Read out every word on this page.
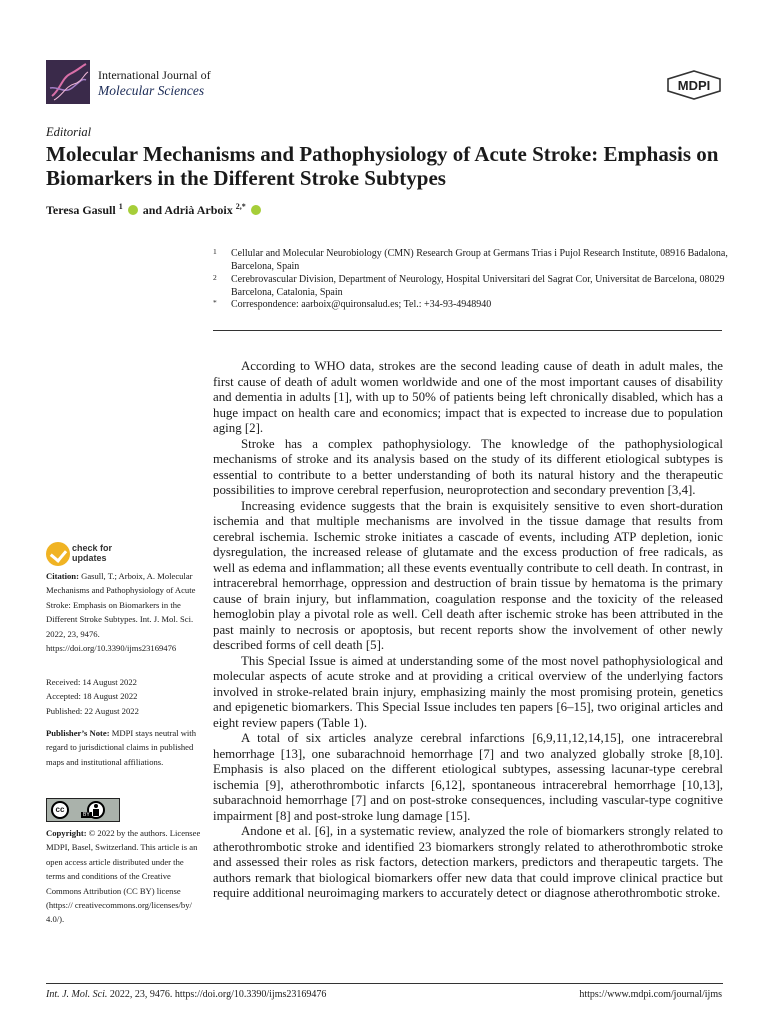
International Journal of
Molecular Sciences	MDPI
Editorial
Molecular Mechanisms and Pathophysiology of Acute Stroke: Emphasis on Biomarkers in the Different Stroke Subtypes
Teresa Gasull $^1$ and Adrià Arboix $^{2,*}$
1 Cellular and Molecular Neurobiology (CMN) Research Group at Germans Trias i Pujol Research Institute, 08916 Badalona, Barcelona, Spain
2 Cerebrovascular Division, Department of Neurology, Hospital Universitari del Sagrat Cor, Universitat de Barcelona, 08029 Barcelona, Catalonia, Spain
* Correspondence: aarboix@quironsalud.es; Tel.: +34-93-4948940

According to WHO data, strokes are the second leading cause of death in adult males, the first cause of death of adult women worldwide and one of the most important causes of disability and dementia in adults [1], with up to 50% of patients being left chronically disabled, which has a huge impact on health care and economics; impact that is expected to increase due to population aging [2].

Stroke has a complex pathophysiology. The knowledge of the pathophysiological mechanisms of stroke and its analysis based on the study of its different etiological subtypes is essential to contribute to a better understanding of both its natural history and the therapeutic possibilities to improve cerebral reperfusion, neuroprotection and secondary prevention [3,4].

Increasing evidence suggests that the brain is exquisitely sensitive to even short-duration ischemia and that multiple mechanisms are involved in the tissue damage that results from cerebral ischemia. Ischemic stroke initiates a cascade of events, including ATP depletion, ionic dysregulation, the increased release of glutamate and the excess production of free radicals, as well as edema and inflammation; all these events eventually contribute to cell death. In contrast, in intracerebral hemorrhage, oppression and destruction of brain tissue by hematoma is the primary cause of brain injury, but inflammation, coagulation response and the toxicity of the released hemoglobin play a pivotal role as well. Cell death after ischemic stroke has been attributed in the past mainly to necrosis or apoptosis, but recent reports show the involvement of other newly described forms of cell death [5].

This Special Issue is aimed at understanding some of the most novel pathophysiological and molecular aspects of acute stroke and at providing a critical overview of the underlying factors involved in stroke-related brain injury, emphasizing mainly the most promising protein, genetics and epigenetic biomarkers. This Special Issue includes ten papers [6–15], two original articles and eight review papers (Table 1).

A total of six articles analyze cerebral infarctions [6,9,11,12,14,15], one intracerebral hemorrhage [13], one subarachnoid hemorrhage [7] and two analyzed globally stroke [8,10]. Emphasis is also placed on the different etiological subtypes, assessing lacunar-type cerebral ischemia [9], atherothrombotic infarcts [6,12], spontaneous intracerebral hemorrhage [10,13], subarachnoid hemorrhage [7] and on post-stroke consequences, including vascular-type cognitive impairment [8] and post-stroke lung damage [15].

Andone et al. [6], in a systematic review, analyzed the role of biomarkers strongly related to atherothrombotic stroke and identified 23 biomarkers strongly related to atherothrombotic stroke and assessed their roles as risk factors, detection markers, predictors and therapeutic targets. The authors remark that biological biomarkers offer new data that could improve clinical practice but require additional neuroimaging markers to accurately detect or diagnose atherothrombotic stroke.

check for
updates
Citation: Gasull, T.; Arboix, A. Molecular Mechanisms and Pathophysiology of Acute Stroke: Emphasis on Biomarkers in the Different Stroke Subtypes. Int. J. Mol. Sci. 2022, 23, 9476. https://doi.org/10.3390/ijms23169476
Received: 14 August 2022
Accepted: 18 August 2022
Published: 22 August 2022
Publisher’s Note: MDPI stays neutral with regard to jurisdictional claims in published maps and institutional affiliations.
cc
BY
Copyright: © 2022 by the authors. Licensee MDPI, Basel, Switzerland. This article is an open access article distributed under the terms and conditions of the Creative Commons Attribution (CC BY) license (https:// creativecommons.org/licenses/by/ 4.0/).
Int. J. Mol. Sci. 2022, 23, 9476. https://doi.org/10.3390/ijms23169476	https://www.mdpi.com/journal/ijms
